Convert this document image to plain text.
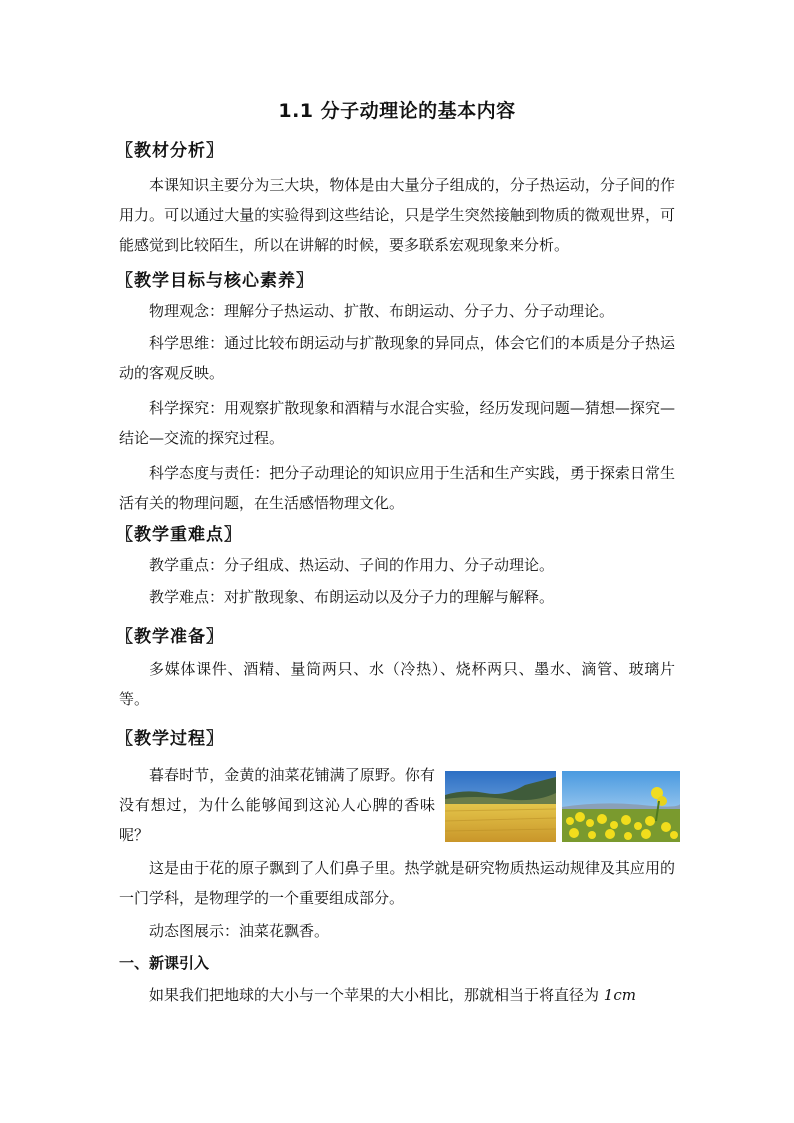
1.1 分子动理论的基本内容
〖教材分析〗

本课知识主要分为三大块，物体是由大量分子组成的，分子热运动，分子间的作用力。可以通过大量的实验得到这些结论，只是学生突然接触到物质的微观世界，可能感觉到比较陌生，所以在讲解的时候，要多联系宏观现象来分析。

〖教学目标与核心素养〗

物理观念：理解分子热运动、扩散、布朗运动、分子力、分子动理论。

科学思维：通过比较布朗运动与扩散现象的异同点，体会它们的本质是分子热运动的客观反映。

科学探究：用观察扩散现象和酒精与水混合实验，经历发现问题—猜想—探究—结论—交流的探究过程。

科学态度与责任：把分子动理论的知识应用于生活和生产实践，勇于探索日常生活有关的物理问题，在生活感悟物理文化。

〖教学重难点〗

教学重点：分子组成、热运动、子间的作用力、分子动理论。

教学难点：对扩散现象、布朗运动以及分子力的理解与解释。

〖教学准备〗

多媒体课件、酒精、量筒两只、水（冷热）、烧杯两只、墨水、滴管、玻璃片等。

〖教学过程〗

暮春时节，金黄的油菜花铺满了原野。你有没有想过，为什么能够闻到这沁人心脾的香味呢？

这是由于花的原子飘到了人们鼻子里。热学就是研究物质热运动规律及其应用的一门学科，是物理学的一个重要组成部分。

动态图展示：油菜花飘香。

一、新课引入

如果我们把地球的大小与一个苹果的大小相比，那就相当于将直径为 1cm
